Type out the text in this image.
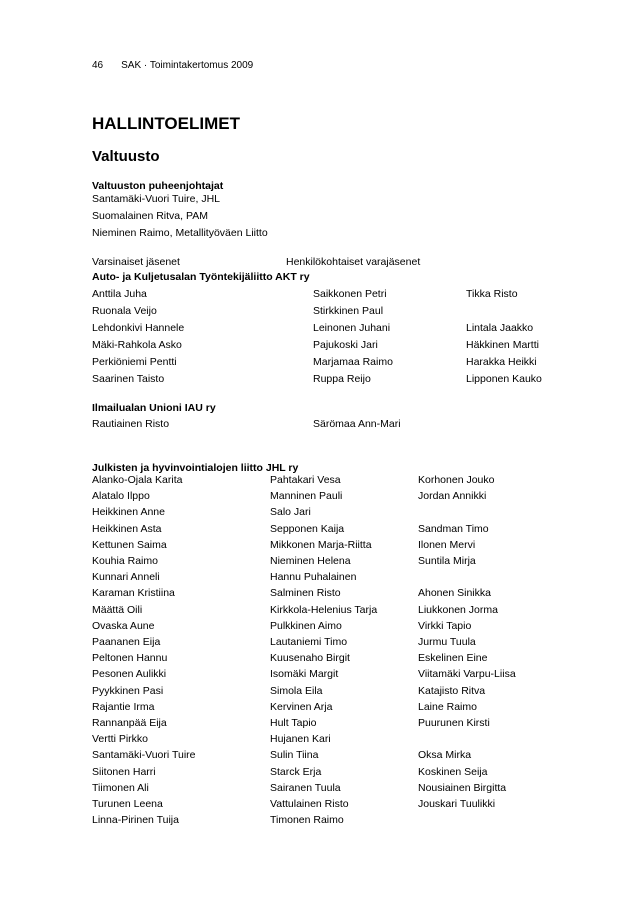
46 SAK · Toimintakertomus 2009
HALLINTOELIMET
Valtuusto
Valtuuston puheenjohtajat
Santamäki-Vuori Tuire, JHL
Suomalainen Ritva, PAM
Nieminen Raimo, Metallityöväen Liitto
Varsinaiset jäsenet	Henkilökohtaiset varajäsenet
Auto- ja Kuljetusalan Työntekijäliitto AKT ry
Anttila Juha	Saikkonen Petri	Tikka Risto
Ruonala Veijo	Stirkkinen Paul
Lehdonkivi Hannele	Leinonen Juhani	Lintala Jaakko
Mäki-Rahkola Asko	Pajukoski Jari	Häkkinen Martti
Perkiöniemi Pentti	Marjamaa Raimo	Harakka Heikki
Saarinen Taisto	Ruppa Reijo	Lipponen Kauko
Ilmailualan Unioni IAU ry
Rautiainen Risto	Särömaa Ann-Mari
Julkisten ja hyvinvointialojen liitto JHL ry
Alanko-Ojala Karita	Pahtakari Vesa	Korhonen Jouko
Alatalo Ilppo	Manninen Pauli	Jordan Annikki
Heikkinen Anne	Salo Jari
Heikkinen Asta	Sepponen Kaija	Sandman Timo
Kettunen Saima	Mikkonen Marja-Riitta	Ilonen Mervi
Kouhia Raimo	Nieminen Helena	Suntila Mirja
Kunnari Anneli	Hannu Puhalainen
Karaman Kristiina	Salminen Risto	Ahonen Sinikka
Määttä Oili	Kirkkola-Helenius Tarja	Liukkonen Jorma
Ovaska Aune	Pulkkinen Aimo	Virkki Tapio
Paananen Eija	Lautaniemi Timo	Jurmu Tuula
Peltonen Hannu	Kuusenaho Birgit	Eskelinen Eine
Pesonen Aulikki	Isomäki Margit	Viitamäki Varpu-Liisa
Pyykkinen Pasi	Simola Eila	Katajisto Ritva
Rajantie Irma	Kervinen Arja	Laine Raimo
Rannanpää Eija	Hult Tapio	Puurunen Kirsti
Vertti Pirkko	Hujanen Kari
Santamäki-Vuori Tuire	Sulin Tiina	Oksa Mirka
Siitonen Harri	Starck Erja	Koskinen Seija
Tiimonen Ali	Sairanen Tuula	Nousiainen Birgitta
Turunen Leena	Vattulainen Risto	Jouskari Tuulikki
Linna-Pirinen Tuija	Timonen Raimo
